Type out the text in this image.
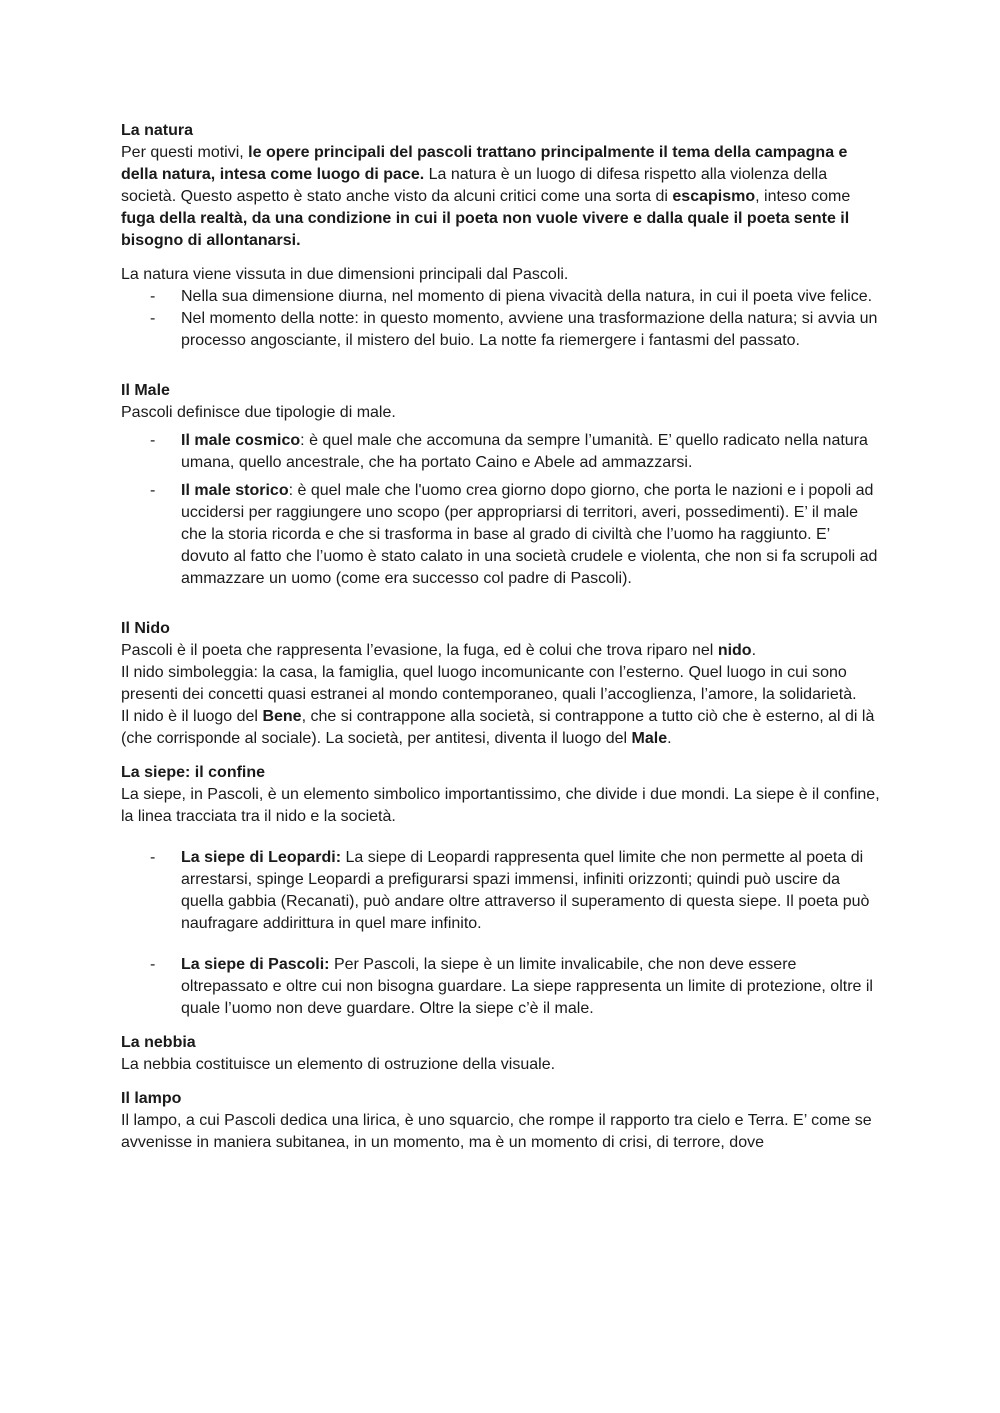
La natura

Per questi motivi, le opere principali del pascoli trattano principalmente il tema della campagna e della natura, intesa come luogo di pace. La natura è un luogo di difesa rispetto alla violenza della società. Questo aspetto è stato anche visto da alcuni critici come una sorta di escapismo, inteso come fuga della realtà, da una condizione in cui il poeta non vuole vivere e dalla quale il poeta sente il bisogno di allontanarsi.

La natura viene vissuta in due dimensioni principali dal Pascoli.

- Nella sua dimensione diurna, nel momento di piena vivacità della natura, in cui il poeta vive felice.
- Nel momento della notte: in questo momento, avviene una trasformazione della natura; si avvia un processo angosciante, il mistero del buio. La notte fa riemergere i fantasmi del passato.
Il Male

Pascoli definisce due tipologie di male.

- Il male cosmico: è quel male che accomuna da sempre l’umanità. E’ quello radicato nella natura umana, quello ancestrale, che ha portato Caino e Abele ad ammazzarsi.
- Il male storico: è quel male che l'uomo crea giorno dopo giorno, che porta le nazioni e i popoli ad uccidersi per raggiungere uno scopo (per appropriarsi di territori, averi, possedimenti). E’ il male che la storia ricorda e che si trasforma in base al grado di civiltà che l’uomo ha raggiunto. E’ dovuto al fatto che l’uomo è stato calato in una società crudele e violenta, che non si fa scrupoli ad ammazzare un uomo (come era successo col padre di Pascoli).
Il Nido

Pascoli è il poeta che rappresenta l’evasione, la fuga, ed è colui che trova riparo nel nido.

Il nido simboleggia: la casa, la famiglia, quel luogo incomunicante con l’esterno. Quel luogo in cui sono presenti dei concetti quasi estranei al mondo contemporaneo, quali l’accoglienza, l’amore, la solidarietà.

Il nido è il luogo del Bene, che si contrappone alla società, si contrappone a tutto ciò che è esterno, al di là (che corrisponde al sociale). La società, per antitesi, diventa il luogo del Male.

La siepe: il confine

La siepe, in Pascoli, è un elemento simbolico importantissimo, che divide i due mondi. La siepe è il confine, la linea tracciata tra il nido e la società.

- La siepe di Leopardi: La siepe di Leopardi rappresenta quel limite che non permette al poeta di arrestarsi, spinge Leopardi a prefigurarsi spazi immensi, infiniti orizzonti; quindi può uscire da quella gabbia (Recanati), può andare oltre attraverso il superamento di questa siepe. Il poeta può naufragare addirittura in quel mare infinito.
- La siepe di Pascoli: Per Pascoli, la siepe è un limite invalicabile, che non deve essere oltrepassato e oltre cui non bisogna guardare. La siepe rappresenta un limite di protezione, oltre il quale l’uomo non deve guardare. Oltre la siepe c’è il male.
La nebbia

La nebbia costituisce un elemento di ostruzione della visuale.

Il lampo

Il lampo, a cui Pascoli dedica una lirica, è uno squarcio, che rompe il rapporto tra cielo e Terra. E’ come se avvenisse in maniera subitanea, in un momento, ma è un momento di crisi, di terrore, dove
